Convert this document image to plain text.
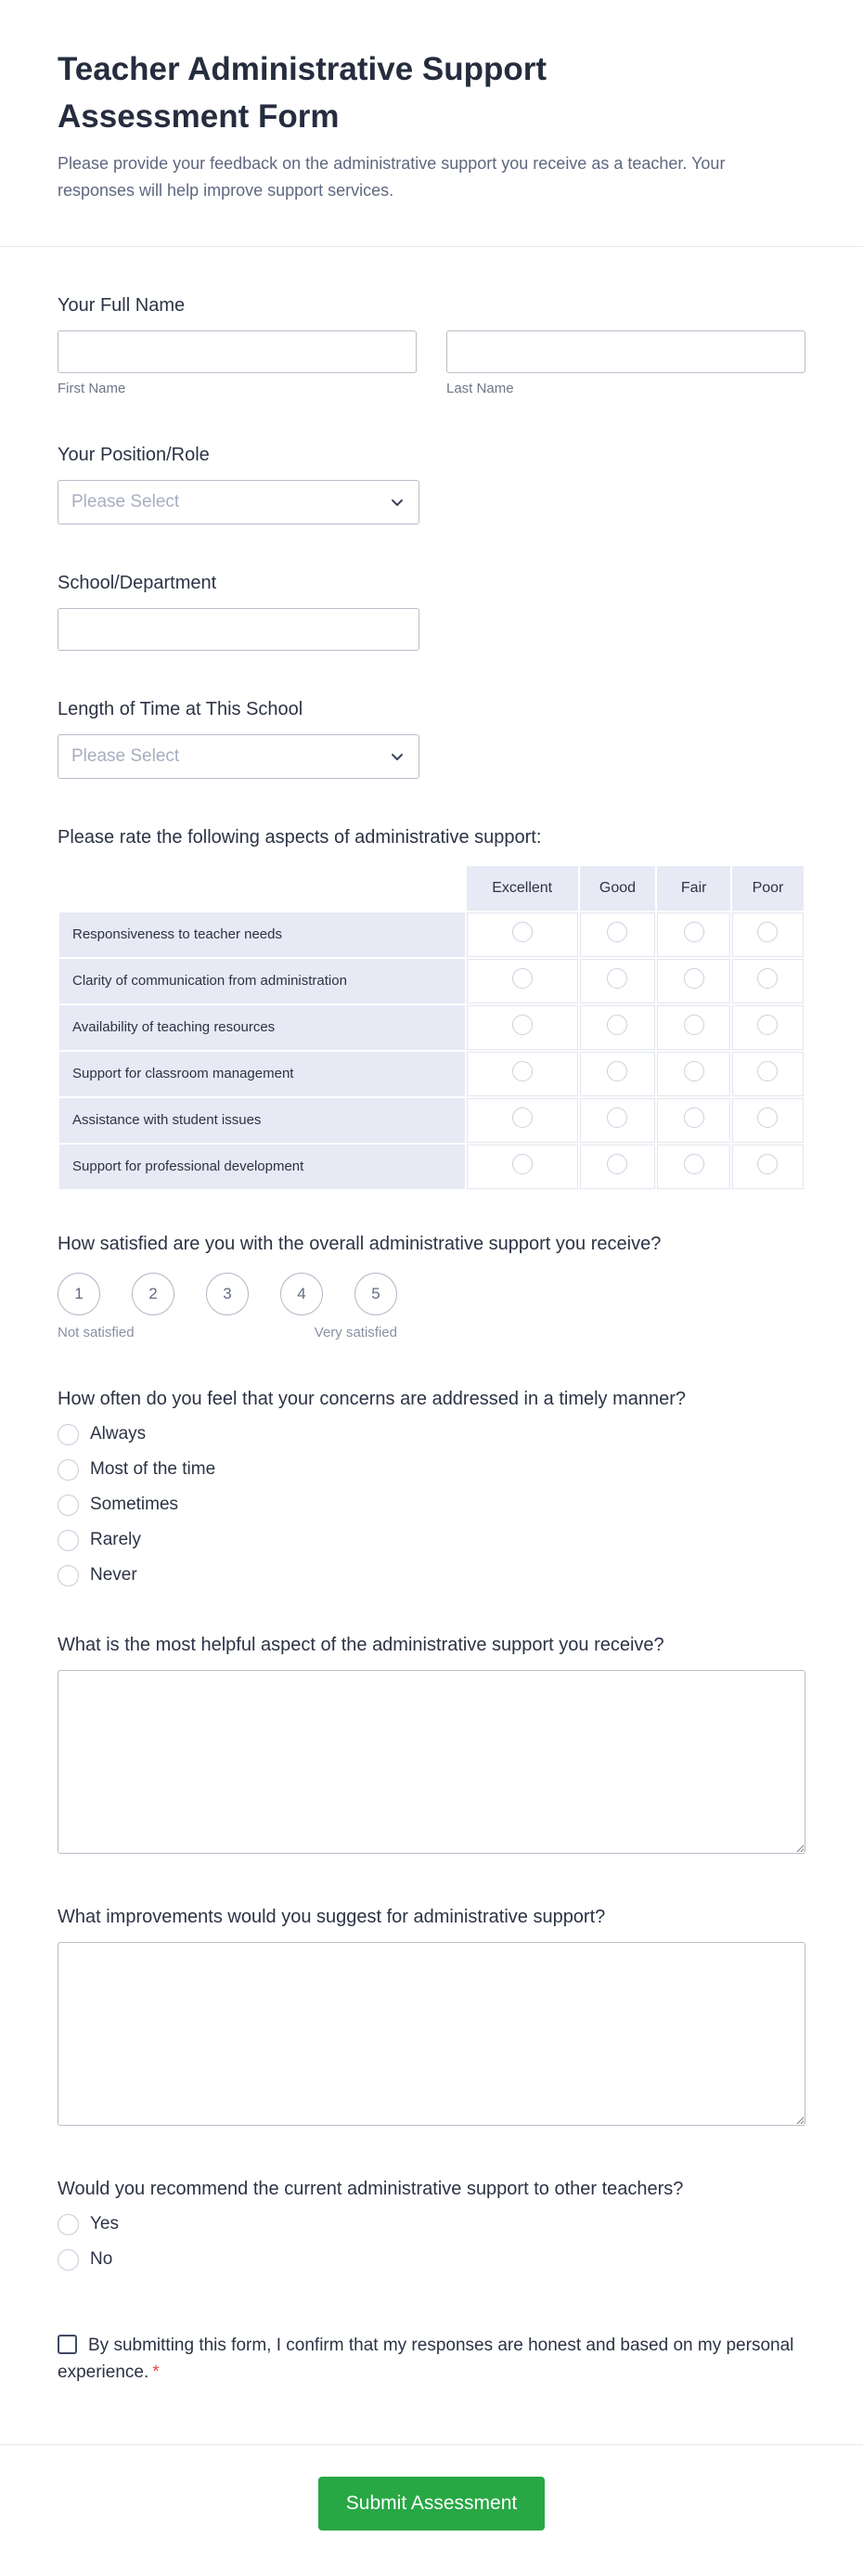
Teacher Administrative Support Assessment Form

Please provide your feedback on the administrative support you receive as a teacher. Your responses will help improve support services.

Your Full Name
First Name	Last Name
Your Position/Role
Please Select
School/Department
Length of Time at This School
Please Select
Please rate the following aspects of administrative support:
	Excellent	Good	Fair	Poor
Responsiveness to teacher needs				
Clarity of communication from administration				
Availability of teaching resources				
Support for classroom management				
Assistance with student issues				
Support for professional development				
How satisfied are you with the overall administrative support you receive?
1	2	3	4	5
Not satisfied	Very satisfied
How often do you feel that your concerns are addressed in a timely manner?
Always
Most of the time
Sometimes
Rarely
Never
What is the most helpful aspect of the administrative support you receive?
What improvements would you suggest for administrative support?
Would you recommend the current administrative support to other teachers?
Yes
No
By submitting this form, I confirm that my responses are honest and based on my personal experience. *
Submit Assessment
